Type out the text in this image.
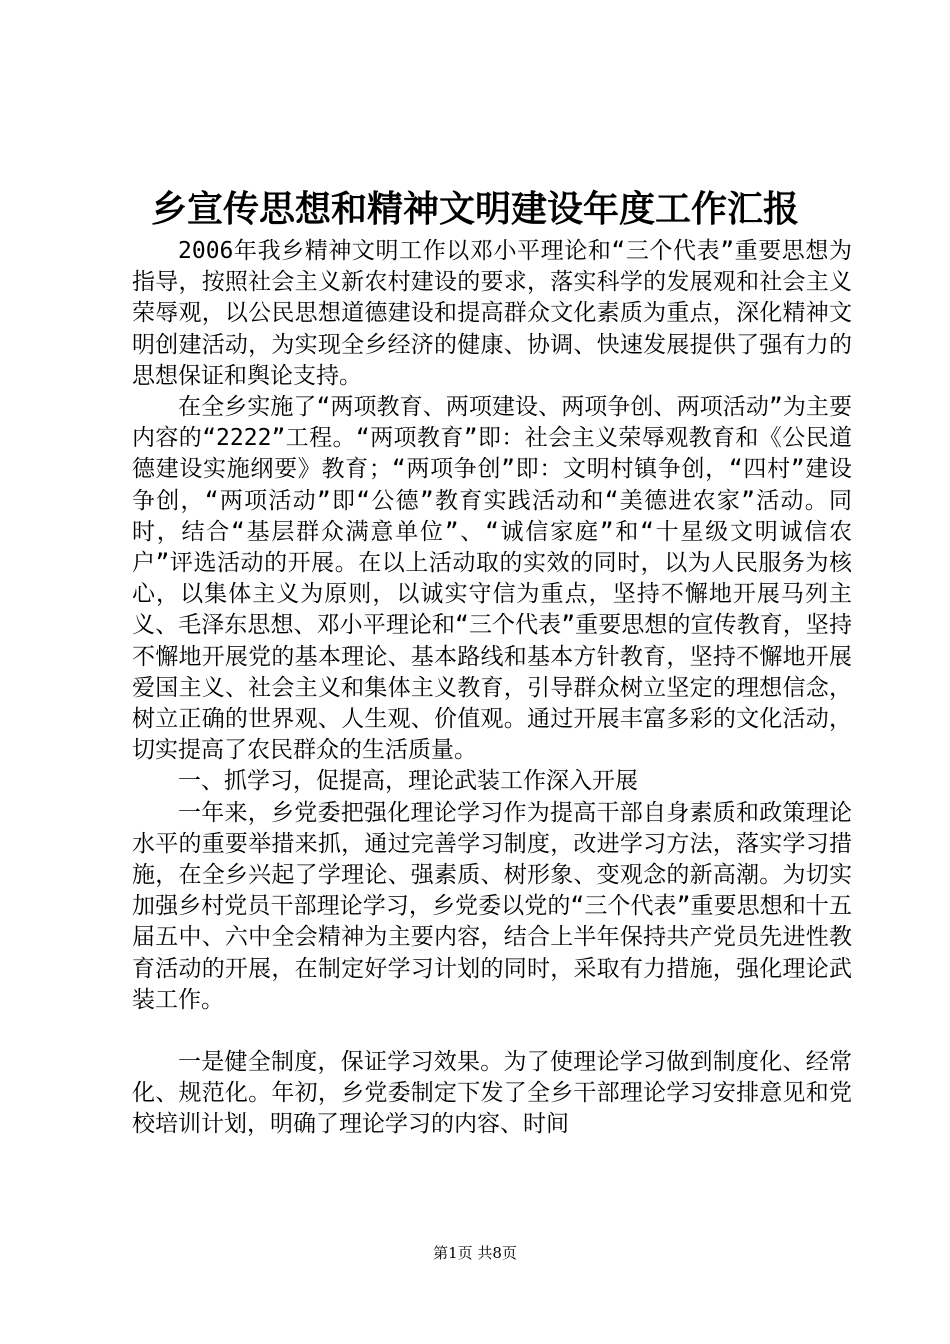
乡宣传思想和精神文明建设年度工作汇报

2006年我乡精神文明工作以邓小平理论和“三个代表”重要思想为指导，按照社会主义新农村建设的要求，落实科学的发展观和社会主义荣辱观，以公民思想道德建设和提高群众文化素质为重点，深化精神文明创建活动，为实现全乡经济的健康、协调、快速发展提供了强有力的思想保证和舆论支持。

在全乡实施了“两项教育、两项建设、两项争创、两项活动”为主要内容的“2222”工程。“两项教育”即：社会主义荣辱观教育和《公民道德建设实施纲要》教育；“两项争创”即：文明村镇争创，“四村”建设争创，“两项活动”即“公德”教育实践活动和“美德进农家”活动。同时，结合“基层群众满意单位”、“诚信家庭”和“十星级文明诚信农户”评选活动的开展。在以上活动取的实效的同时，以为人民服务为核心，以集体主义为原则，以诚实守信为重点，坚持不懈地开展马列主义、毛泽东思想、邓小平理论和“三个代表”重要思想的宣传教育，坚持不懈地开展党的基本理论、基本路线和基本方针教育，坚持不懈地开展爱国主义、社会主义和集体主义教育，引导群众树立坚定的理想信念，树立正确的世界观、人生观、价值观。通过开展丰富多彩的文化活动，切实提高了农民群众的生活质量。

一、抓学习，促提高，理论武装工作深入开展

一年来，乡党委把强化理论学习作为提高干部自身素质和政策理论水平的重要举措来抓，通过完善学习制度，改进学习方法，落实学习措施，在全乡兴起了学理论、强素质、树形象、变观念的新高潮。为切实加强乡村党员干部理论学习，乡党委以党的“三个代表”重要思想和十五届五中、六中全会精神为主要内容，结合上半年保持共产党员先进性教育活动的开展，在制定好学习计划的同时，采取有力措施，强化理论武装工作。

一是健全制度，保证学习效果。为了使理论学习做到制度化、经常化、规范化。年初，乡党委制定下发了全乡干部理论学习安排意见和党校培训计划，明确了理论学习的内容、时间

第1页 共8页
